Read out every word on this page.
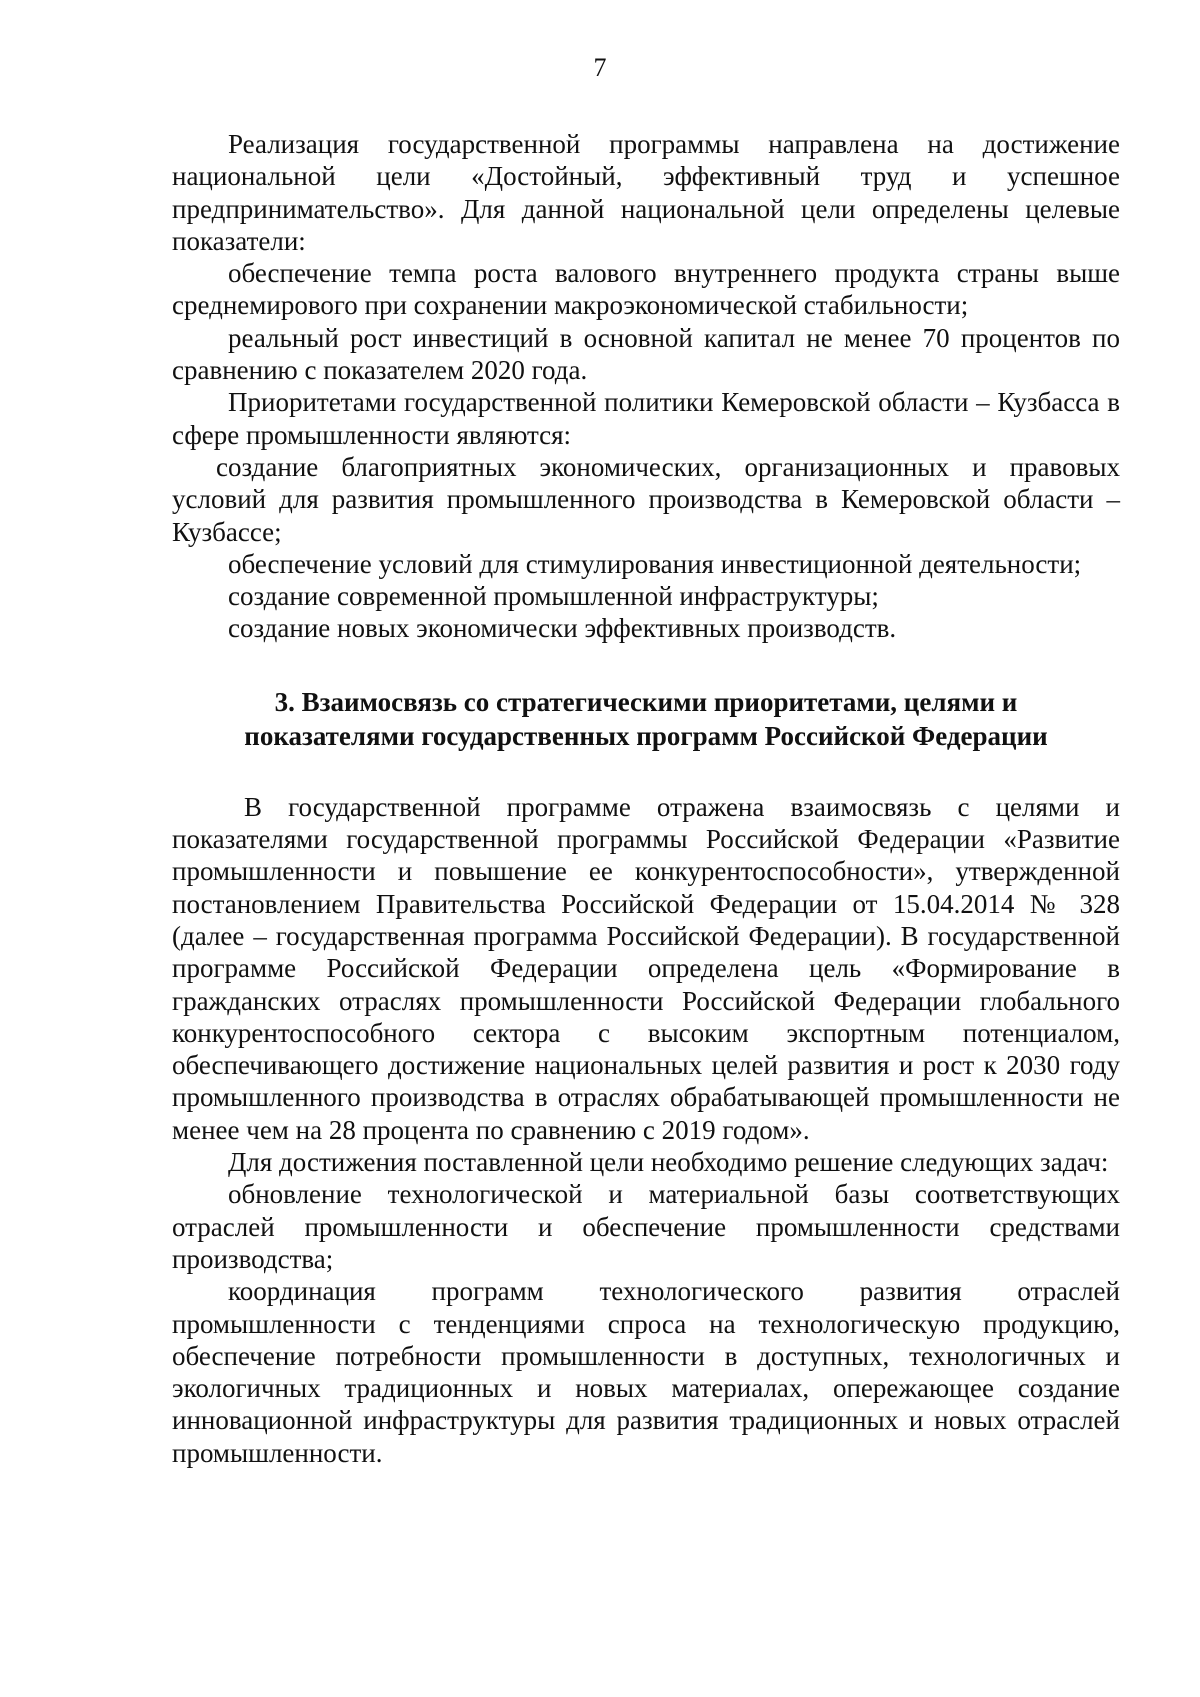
7

Реализация государственной программы направлена на достижение национальной цели «Достойный, эффективный труд и успешное предпринимательство». Для данной национальной цели определены целевые показатели:

обеспечение темпа роста валового внутреннего продукта страны выше среднемирового при сохранении макроэкономической стабильности;

реальный рост инвестиций в основной капитал не менее 70 процентов по сравнению с показателем 2020 года.

Приоритетами государственной политики Кемеровской области – Кузбасса в сфере промышленности являются:

создание благоприятных экономических, организационных и правовых условий для развития промышленного производства в Кемеровской области – Кузбассе;

обеспечение условий для стимулирования инвестиционной деятельности;

создание современной промышленной инфраструктуры;

создание новых экономически эффективных производств.

3. Взаимосвязь со стратегическими приоритетами, целями и
показателями государственных программ Российской Федерации

В государственной программе отражена взаимосвязь с целями и показателями государственной программы Российской Федерации «Развитие промышленности и повышение ее конкурентоспособности», утвержденной постановлением Правительства Российской Федерации от 15.04.2014 № 328 (далее – государственная программа Российской Федерации). В государственной программе Российской Федерации определена цель «Формирование в гражданских отраслях промышленности Российской Федерации глобального конкурентоспособного сектора с высоким экспортным потенциалом, обеспечивающего достижение национальных целей развития и рост к 2030 году промышленного производства в отраслях обрабатывающей промышленности не менее чем на 28 процента по сравнению с 2019 годом».

Для достижения поставленной цели необходимо решение следующих задач:

обновление технологической и материальной базы соответствующих отраслей промышленности и обеспечение промышленности средствами производства;

координация программ технологического развития отраслей промышленности с тенденциями спроса на технологическую продукцию, обеспечение потребности промышленности в доступных, технологичных и экологичных традиционных и новых материалах, опережающее создание инновационной инфраструктуры для развития традиционных и новых отраслей промышленности.
